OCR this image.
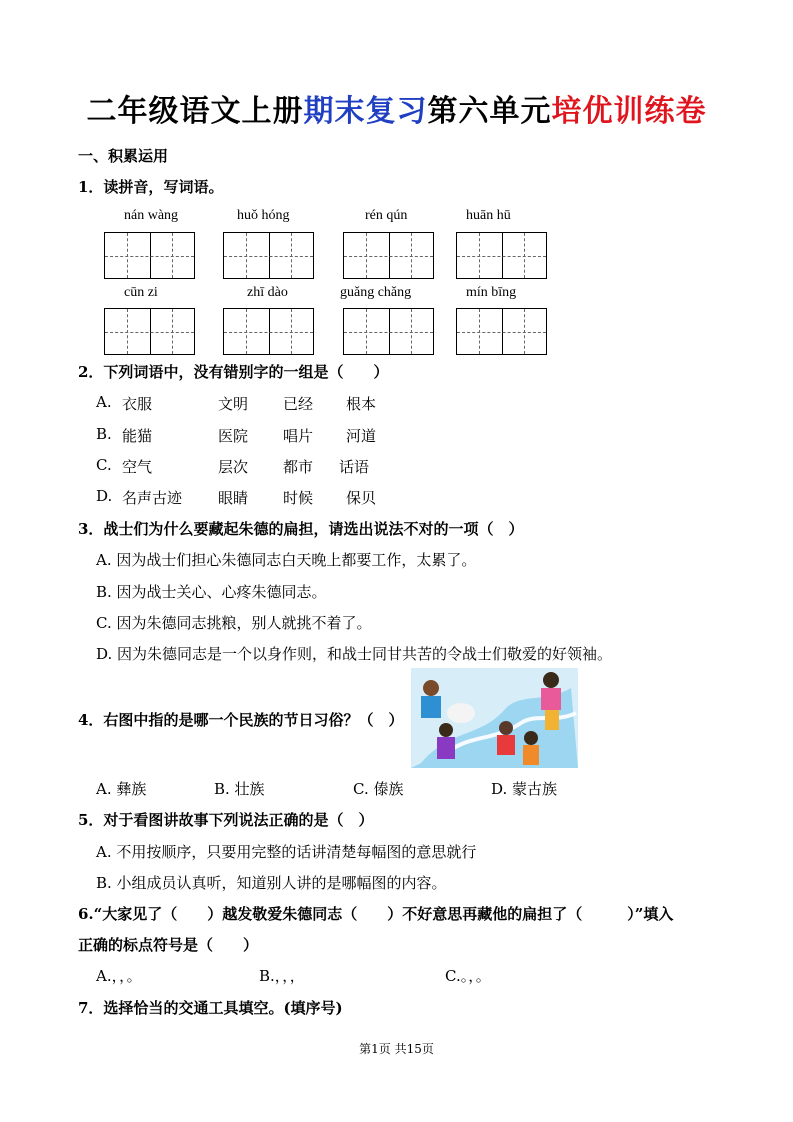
二年级语文上册期末复习第六单元培优训练卷
一、积累运用
1．读拼音，写词语。
nán wàng	huǒ hóng	rén qún	huān hū
cūn zi	zhī dào	guǎng chǎng	mín bīng
2．下列词语中，没有错别字的一组是（　　）
A. 衣服	文明 已经 根本
B. 能猫	医院 唱片 河道
C. 空气	层次 都市 话语
D. 名声古迹 眼睛 时候 保贝
3．战士们为什么要藏起朱德的扁担，请选出说法不对的一项（　）
A. 因为战士们担心朱德同志白天晚上都要工作，太累了。
B. 因为战士关心、心疼朱德同志。
C. 因为朱德同志挑粮，别人就挑不着了。
D. 因为朱德同志是一个以身作则，和战士同甘共苦的令战士们敬爱的好领袖。
4．右图中指的是哪一个民族的节日习俗？（　）
A. 彝族	B. 壮族	C. 傣族	D. 蒙古族
5．对于看图讲故事下列说法正确的是（　）
A. 不用按顺序，只要用完整的话讲清楚每幅图的意思就行
B. 小组成员认真听，知道别人讲的是哪幅图的内容。
6.“大家见了（　　）越发敬爱朱德同志（　　）不好意思再藏他的扁担了（　　　）”填入
正确的标点符号是（　　）
A.，，。	B.，，，	C.。，。
7．选择恰当的交通工具填空。(填序号)
第1页 共15页
